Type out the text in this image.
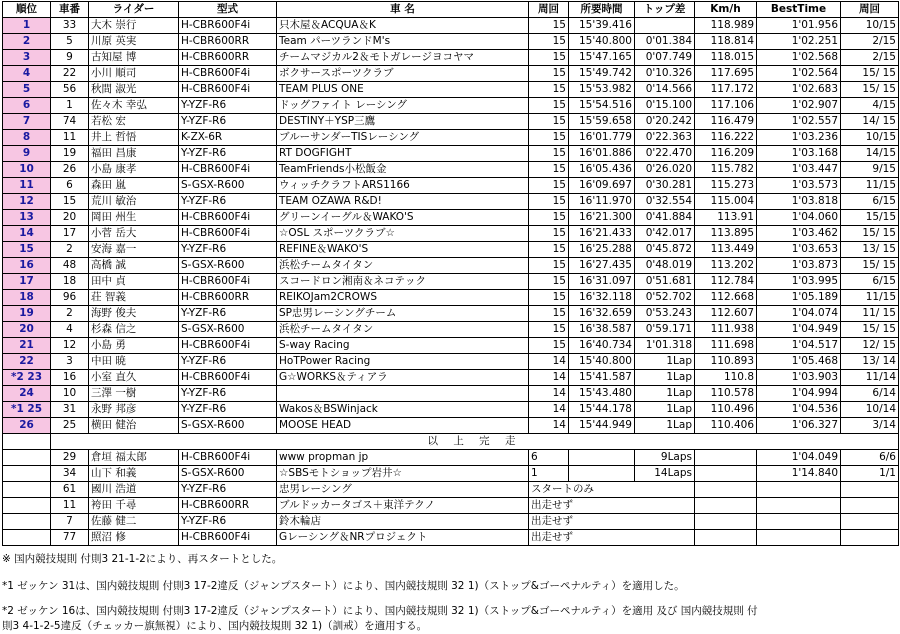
順位	車番	ライダー	型式	車 名	周回	所要時間	トップ差	Km/h	BestTime	周回
1	33	大木 崇行	H-CBR600F4i	只木屋＆ACQUA＆K	15	15'39.416		118.989	1'01.956	10/15
2	5	川原 英実	H-CBR600RR	Team パーツランドM's	15	15'40.800	0'01.384	118.814	1'02.251	2/15
3	9	古知屋 博	H-CBR600RR	チームマジカル2＆モトガレージヨコヤマ	15	15'47.165	0'07.749	118.015	1'02.568	2/15
4	22	小川 順司	H-CBR600F4i	ボクサースポーツクラブ	15	15'49.742	0'10.326	117.695	1'02.564	15/ 15
5	56	秋間 淑光	H-CBR600F4i	TEAM PLUS ONE	15	15'53.982	0'14.566	117.172	1'02.683	15/ 15
6	1	佐々木 幸弘	Y-YZF-R6	ドッグファイト レーシング	15	15'54.516	0'15.100	117.106	1'02.907	4/15
7	74	若松 宏	Y-YZF-R6	DESTINY＋YSP三鷹	15	15'59.658	0'20.242	116.479	1'02.557	14/ 15
8	11	井上 哲悟	K-ZX-6R	ブルーサンダーTISレーシング	15	16'01.779	0'22.363	116.222	1'03.236	10/15
9	19	福田 昌康	Y-YZF-R6	RT DOGFIGHT	15	16'01.886	0'22.470	116.209	1'03.168	14/15
10	26	小島 康孝	H-CBR600F4i	TeamFriends小松飯金	15	16'05.436	0'26.020	115.782	1'03.447	9/15
11	6	森田 嵐	S-GSX-R600	ウィッチクラフトARS1166	15	16'09.697	0'30.281	115.273	1'03.573	11/15
12	15	荒川 敏治	Y-YZF-R6	TEAM OZAWA R&D!	15	16'11.970	0'32.554	115.004	1'03.818	6/15
13	20	岡田 州生	H-CBR600F4i	グリーンイーグル＆WAKO'S	15	16'21.300	0'41.884	113.91	1'04.060	15/15
14	17	小菅 岳大	H-CBR600F4i	☆OSL スポーツクラブ☆	15	16'21.433	0'42.017	113.895	1'03.462	15/ 15
15	2	安海 嘉一	Y-YZF-R6	REFINE＆WAKO'S	15	16'25.288	0'45.872	113.449	1'03.653	13/ 15
16	48	高橋 誠	S-GSX-R600	浜松チームタイタン	15	16'27.435	0'48.019	113.202	1'03.873	15/ 15
17	18	田中 貞	H-CBR600F4i	スコードロン湘南＆ネコテック	15	16'31.097	0'51.681	112.784	1'03.995	6/15
18	96	荘 智義	H-CBR600RR	REIKOJam2CROWS	15	16'32.118	0'52.702	112.668	1'05.189	11/15
19	2	海野 俊夫	Y-YZF-R6	SP忠男レーシングチーム	15	16'32.659	0'53.243	112.607	1'04.074	11/ 15
20	4	杉森 信之	S-GSX-R600	浜松チームタイタン	15	16'38.587	0'59.171	111.938	1'04.949	15/ 15
21	12	小島 勇	H-CBR600F4i	S-way Racing	15	16'40.734	1'01.318	111.698	1'04.517	12/ 15
22	3	中田 暁	Y-YZF-R6	HoTPower Racing	14	15'40.800	1Lap	110.893	1'05.468	13/ 14
*2 23	16	小室 直久	H-CBR600F4i	G☆WORKS＆ティアラ	14	15'41.587	1Lap	110.8	1'03.903	11/14
24	10	三澤 一樹	Y-YZF-R6		14	15'43.480	1Lap	110.578	1'04.994	6/14
*1 25	31	永野 邦彦	Y-YZF-R6	Wakos＆BSWinjack	14	15'44.178	1Lap	110.496	1'04.536	10/14
26	25	横田 健治	S-GSX-R600	MOOSE HEAD	14	15'44.949	1Lap	110.406	1'06.327	3/14
	以 上 完 走									
	29	倉垣 福太郎	H-CBR600F4i	www propman jp	6		9Laps		1'04.049	6/6
	34	山下 和義	S-GSX-R600	☆SBSモトショップ岩井☆	1		14Laps		1'14.840	1/1
	61	國川 浩道	Y-YZF-R6	忠男レーシング	スタートのみ					
	11	袴田 千尋	H-CBR600RR	ブルドッカータゴス＋東洋テクノ	出走せず					
	7	佐藤 健二	Y-YZF-R6	鈴木輪店	出走せず					
	77	照沼 修	H-CBR600F4i	Gレーシング＆NRプロジェクト	出走せず					
※ 国内競技規則 付則3 21-1-2により、再スタートとした。
*1 ゼッケン 31は、国内競技規則 付則3 17-2違反（ジャンプスタート）により、国内競技規則 32 1)（ストップ&ゴーペナルティ）を適用した。
*2 ゼッケン 16は、国内競技規則 付則3 17-2違反（ジャンプスタート）により、国内競技規則 32 1)（ストップ&ゴーペナルティ）を適用 及び 国内競技規則 付
則3 4-1-2-5違反（チェッカー旗無視）により、国内競技規則 32 1)（訓戒）を適用する。
